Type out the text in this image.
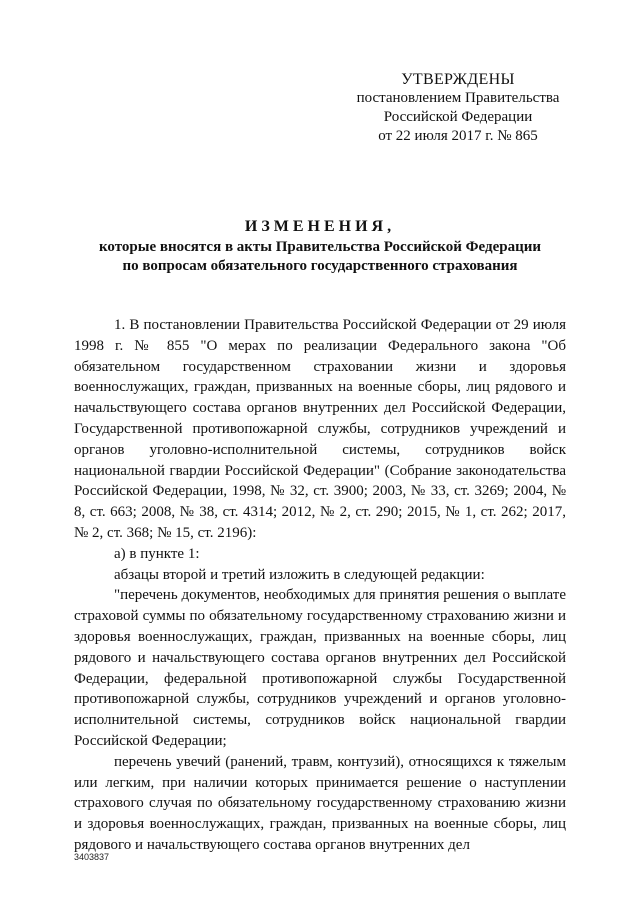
УТВЕРЖДЕНЫ
постановлением Правительства
Российской Федерации
от 22 июля 2017 г. № 865
ИЗМЕНЕНИЯ,
которые вносятся в акты Правительства Российской Федерации
по вопросам обязательного государственного страхования

1. В постановлении Правительства Российской Федерации от 29 июля 1998 г. № 855 "О мерах по реализации Федерального закона "Об обязательном государственном страховании жизни и здоровья военнослужащих, граждан, призванных на военные сборы, лиц рядового и начальствующего состава органов внутренних дел Российской Федерации, Государственной противопожарной службы, сотрудников учреждений и органов уголовно-исполнительной системы, сотрудников войск национальной гвардии Российской Федерации" (Собрание законодательства Российской Федерации, 1998, № 32, ст. 3900; 2003, № 33, ст. 3269; 2004, № 8, ст. 663; 2008, № 38, ст. 4314; 2012, № 2, ст. 290; 2015, № 1, ст. 262; 2017, № 2, ст. 368; № 15, ст. 2196):

а) в пункте 1:

абзацы второй и третий изложить в следующей редакции:

"перечень документов, необходимых для принятия решения о выплате страховой суммы по обязательному государственному страхованию жизни и здоровья военнослужащих, граждан, призванных на военные сборы, лиц рядового и начальствующего состава органов внутренних дел Российской Федерации, федеральной противопожарной службы Государственной противопожарной службы, сотрудников учреждений и органов уголовно-исполнительной системы, сотрудников войск национальной гвардии Российской Федерации;

перечень увечий (ранений, травм, контузий), относящихся к тяжелым или легким, при наличии которых принимается решение о наступлении страхового случая по обязательному государственному страхованию жизни и здоровья военнослужащих, граждан, призванных на военные сборы, лиц рядового и начальствующего состава органов внутренних дел

3403837
